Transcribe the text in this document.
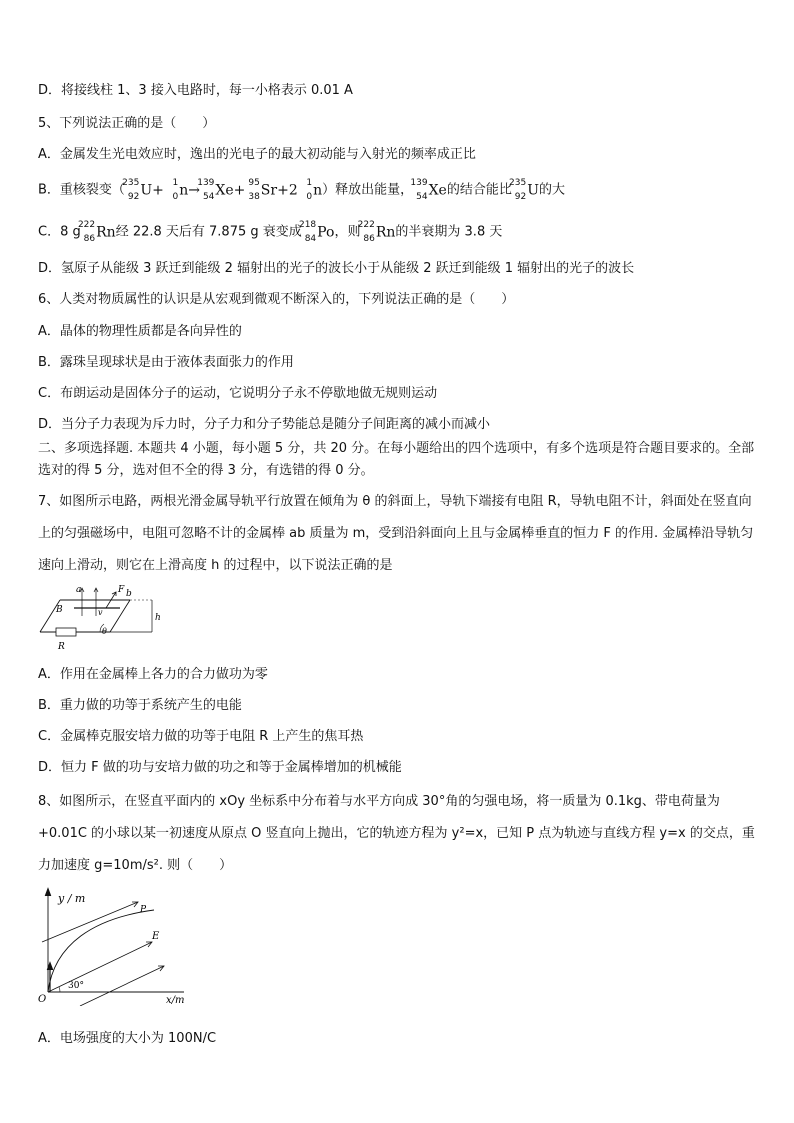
D．将接线柱 1、3 接入电路时，每一小格表示 0.01 A
5、下列说法正确的是（　　）
A．金属发生光电效应时，逸出的光电子的最大初动能与入射光的频率成正比
B．重核裂变（
235
92 U+ 1
0 n→
139
54 Xe+ 95
38 Sr+2 1
0 n）释放出能量，
139
54 Xe的结合能比
235
92 U的大
C．8 g
222
86 Rn经 22.8 天后有 7.875 g 衰变成
218
84 Po，则
222
86 Rn的半衰期为 3.8 天
D．氢原子从能级 3 跃迁到能级 2 辐射出的光子的波长小于从能级 2 跃迁到能级 1 辐射出的光子的波长
6、人类对物质属性的认识是从宏观到微观不断深入的，下列说法正确的是（　　）
A．晶体的物理性质都是各向异性的
B．露珠呈现球状是由于液体表面张力的作用
C．布朗运动是固体分子的运动，它说明分子永不停歇地做无规则运动
D．当分子力表现为斥力时，分子力和分子势能总是随分子间距离的减小而减小
二、多项选择题. 本题共 4 小题，每小题 5 分，共 20 分。在每小题给出的四个选项中，有多个选项是符合题目要求的。全部选对的得 5 分，选对但不全的得 3 分，有选错的得 0 分。
7、如图所示电路，两根光滑金属导轨平行放置在倾角为 θ 的斜面上，导轨下端接有电阻 R，导轨电阻不计，斜面处在竖直向上的匀强磁场中，电阻可忽略不计的金属棒 ab 质量为 m，受到沿斜面向上且与金属棒垂直的恒力 F 的作用. 金属棒沿导轨匀速向上滑动，则它在上滑高度 h 的过程中，以下说法正确的是
a	b
F
v
B
h
θ
R
A．作用在金属棒上各力的合力做功为零
B．重力做的功等于系统产生的电能
C．金属棒克服安培力做的功等于电阻 R 上产生的焦耳热
D．恒力 F 做的功与安培力做的功之和等于金属棒增加的机械能
8、如图所示，在竖直平面内的 xOy 坐标系中分布着与水平方向成 30°角的匀强电场，将一质量为 0.1kg、带电荷量为 +0.01C 的小球以某一初速度从原点 O 竖直向上抛出，它的轨迹方程为 y²=x，已知 P 点为轨迹与直线方程 y=x 的交点，重力加速度 g=10m/s². 则（　　）
y / m
x/m
O
P
E
30°
A．电场强度的大小为 100N/C
